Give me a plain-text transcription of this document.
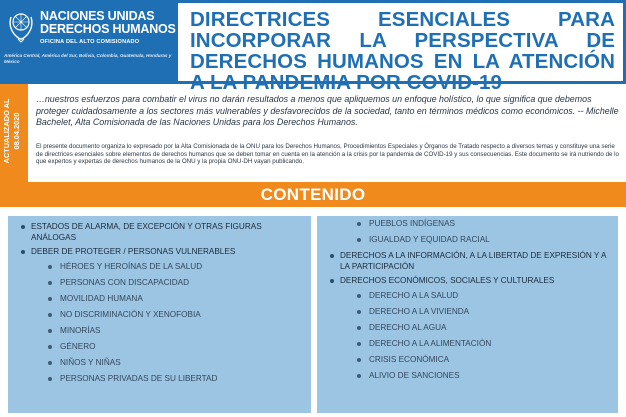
NACIONES UNIDAS
DERECHOS HUMANOS
OFICINA DEL ALTO COMISIONADO
América Central, América del Sur, Bolivia, Colombia, Guatemala, Honduras y México
DIRECTRICES ESENCIALES PARA INCORPORAR LA PERSPECTIVA DE DERECHOS HUMANOS EN LA ATENCIÓN A LA PANDEMIA POR COVID-19
ACTUALIZADO AL 08.04.2020
…nuestros esfuerzos para combatir el virus no darán resultados a menos que apliquemos un enfoque holístico, lo que significa que debemos proteger cuidadosamente a los sectores más vulnerables y desfavorecidos de la sociedad, tanto en términos médicos como económicos. -- Michelle Bachelet, Alta Comisionada de las Naciones Unidas para los Derechos Humanos.
El presente documento organiza lo expresado por la Alta Comisionada de la ONU para los Derechos Humanos, Procedimientos Especiales y Órganos de Tratado respecto a diversos temas y constituye una serie de directrices esenciales sobre elementos de derechos humanos que se deben tomar en cuenta en la atención a la crisis por la pandemia de COVID-19 y sus consecuencias. Este documento se irá nutriendo de lo que expertos y expertas de derechos humanos de la ONU y la propia ONU-DH vayan publicando.
CONTENIDO
ESTADOS DE ALARMA, DE EXCEPCIÓN Y OTRAS FIGURAS ANÁLOGAS
DEBER DE PROTEGER / PERSONAS VULNERABLES
HÉROES Y HEROÍNAS DE LA SALUD
PERSONAS CON DISCAPACIDAD
MOVILIDAD HUMANA
NO DISCRIMINACIÓN Y XENOFOBIA
MINORÍAS
GÉNERO
NIÑOS Y NIÑAS
PERSONAS PRIVADAS DE SU LIBERTAD
PUEBLOS INDÍGENAS
IGUALDAD Y EQUIDAD RACIAL
DERECHOS A LA INFORMACIÓN, A LA LIBERTAD DE EXPRESIÓN Y A LA PARTICIPACIÓN
DERECHOS ECONÓMICOS, SOCIALES Y CULTURALES
DERECHO A LA SALUD
DERECHO A LA VIVIENDA
DERECHO AL AGUA
DERECHO A LA ALIMENTACIÓN
CRISIS ECONÓMICA
ALIVIO DE SANCIONES
